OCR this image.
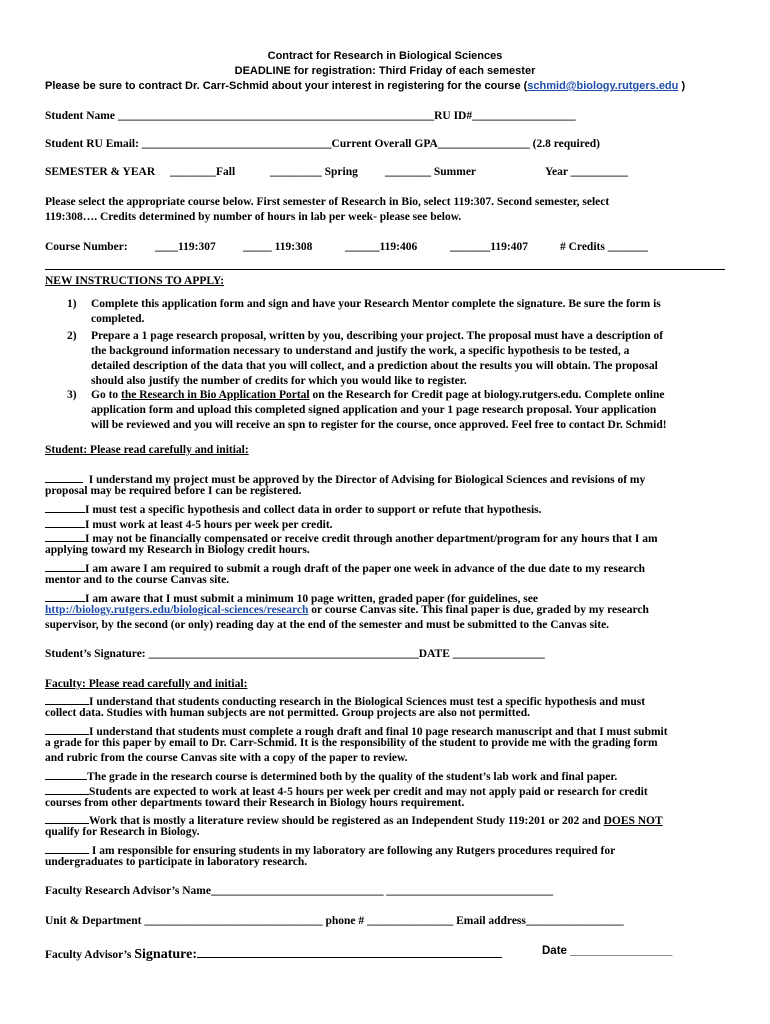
Contract for Research in Biological Sciences
DEADLINE for registration: Third Friday of each semester
Please be sure to contract Dr. Carr-Schmid about your interest in registering for the course (schmid@biology.rutgers.edu )
Student Name _______________________________________________________RU ID#__________________
Student RU Email: _________________________________Current Overall GPA________________ (2.8 required)
SEMESTER & YEAR ________Fall	_________ Spring ________ Summer	Year __________
Please select the appropriate course below. First semester of Research in Bio, select 119:307. Second semester, select
119:308…. Credits determined by number of hours in lab per week- please see below.
Course Number: ____119:307 _____ 119:308	______119:406	_______119:407	# Credits _______
NEW INSTRUCTIONS TO APPLY:
1) Complete this application form and sign and have your Research Mentor complete the signature. Be sure the form is
completed.
2) Prepare a 1 page research proposal, written by you, describing your project. The proposal must have a description of
the background information necessary to understand and justify the work, a specific hypothesis to be tested, a
detailed description of the data that you will collect, and a prediction about the results you will obtain. The proposal
should also justify the number of credits for which you would like to register.
3) Go to the Research in Bio Application Portal on the Research for Credit page at biology.rutgers.edu. Complete online
application form and upload this completed signed application and your 1 page research proposal. Your application
will be reviewed and you will receive an spn to register for the course, once approved. Feel free to contact Dr. Schmid!
Student: Please read carefully and initial:
I understand my project must be approved by the Director of Advising for Biological Sciences and revisions of my
proposal may be required before I can be registered.
I must test a specific hypothesis and collect data in order to support or refute that hypothesis.
I must work at least 4-5 hours per week per credit.
I may not be financially compensated or receive credit through another department/program for any hours that I am
applying toward my Research in Biology credit hours.
I am aware I am required to submit a rough draft of the paper one week in advance of the due date to my research
mentor and to the course Canvas site.
I am aware that I must submit a minimum 10 page written, graded paper (for guidelines, see
http://biology.rutgers.edu/biological-sciences/research or course Canvas site. This final paper is due, graded by my research
supervisor, by the second (or only) reading day at the end of the semester and must be submitted to the Canvas site.
Student’s Signature: _______________________________________________DATE ________________
Faculty: Please read carefully and initial:
I understand that students conducting research in the Biological Sciences must test a specific hypothesis and must
collect data. Studies with human subjects are not permitted. Group projects are also not permitted.
I understand that students must complete a rough draft and final 10 page research manuscript and that I must submit
a grade for this paper by email to Dr. Carr-Schmid. It is the responsibility of the student to provide me with the grading form
and rubric from the course Canvas site with a copy of the paper to review.
The grade in the research course is determined both by the quality of the student’s lab work and final paper.
Students are expected to work at least 4-5 hours per week per credit and may not apply paid or research for credit
courses from other departments toward their Research in Biology hours requirement.
Work that is mostly a literature review should be registered as an Independent Study 119:201 or 202 and DOES NOT
qualify for Research in Biology.
I am responsible for ensuring students in my laboratory are following any Rutgers procedures required for
undergraduates to participate in laboratory research.
Faculty Research Advisor’s Name______________________________ _____________________________
Unit & Department _______________________________ phone # _______________ Email address_________________
Faculty Advisor’s Signature:	Date ________________
